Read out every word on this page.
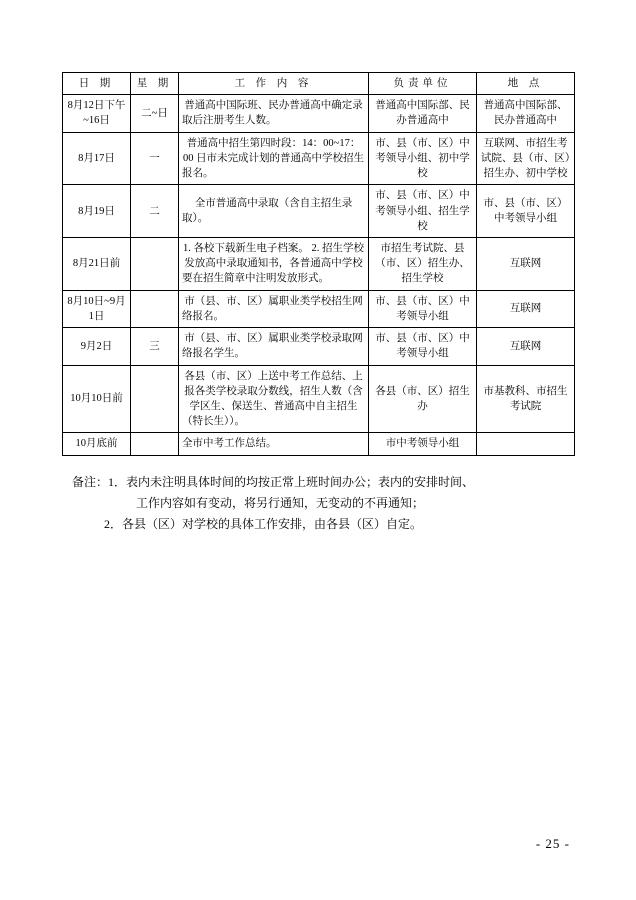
日 期	星 期	工 作 内 容	负责单位	地 点
8月12日下午~16日	二~日	普通高中国际班、民办普通高中确定录取后注册考生人数。	普通高中国际部、民办普通高中	普通高中国际部、民办普通高中
8月17日	一	普通高中招生第四时段：14：00~17：00 日市未完成计划的普通高中学校招生报名。	市、县（市、区）中考领导小组、初中学校	互联网、市招生考试院、县（市、区）招生办、初中学校
8月19日	二	全市普通高中录取（含自主招生录取）。	市、县（市、区）中考领导小组、招生学校	市、县（市、区）中考领导小组
8月21日前		1. 各校下载新生电子档案。 2. 招生学校发放高中录取通知书，各普通高中学校要在招生简章中注明发放形式。	市招生考试院、县（市、区）招生办、招生学校	互联网
8月10日~9月1日		市（县、市、区）属职业类学校招生网络报名。	市、县（市、区）中考领导小组	互联网
9月2日	三	市（县、市、区）属职业类学校录取网络报名学生。	市、县（市、区）中考领导小组	互联网
10月10日前		各县（市、区）上送中考工作总结、上报各类学校录取分数线，招生人数（含学区生、保送生、普通高中自主招生（特长生））。	各县（市、区）招生办	市基教科、市招生考试院
10月底前		全市中考工作总结。	市中考领导小组	
备注：1．表内未注明具体时间的均按正常上班时间办公；表内的安排时间、
工作内容如有变动，将另行通知，无变动的不再通知；
2．各县（区）对学校的具体工作安排，由各县（区）自定。
- 25 -
